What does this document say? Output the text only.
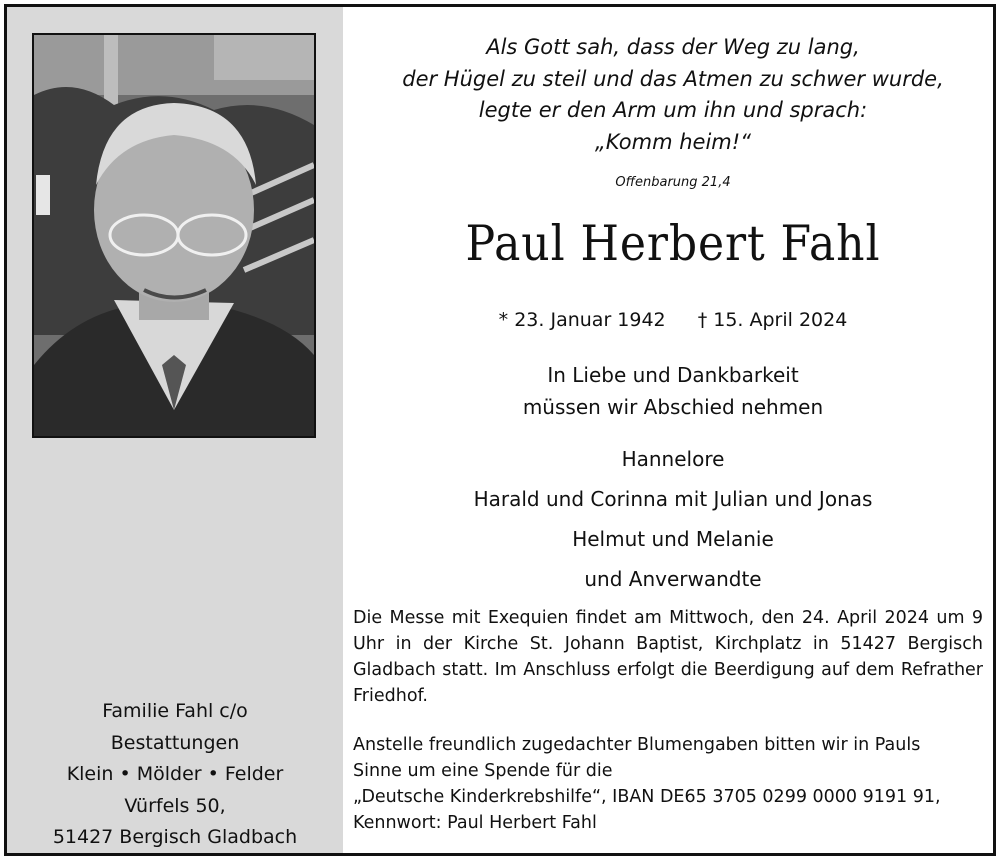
Familie Fahl c/o
Bestattungen
Klein • Mölder • Felder
Vürfels 50,
51427 Bergisch Gladbach
Als Gott sah, dass der Weg zu lang,
der Hügel zu steil und das Atmen zu schwer wurde,
legte er den Arm um ihn und sprach:
„Komm heim!“
Offenbarung 21,4
Paul Herbert Fahl
* 23. Januar 1942 † 15. April 2024
In Liebe und Dankbarkeit
müssen wir Abschied nehmen
Hannelore
Harald und Corinna mit Julian und Jonas
Helmut und Melanie
und Anverwandte
Die Messe mit Exequien findet am Mittwoch, den 24. April 2024 um 9 Uhr in der Kirche St. Johann Baptist, Kirchplatz in 51427 Bergisch Gladbach statt. Im Anschluss erfolgt die Beerdigung auf dem Refrather Friedhof.
Anstelle freundlich zugedachter Blumengaben bitten wir in Pauls
Sinne um eine Spende für die
„Deutsche Kinderkrebshilfe“, IBAN DE65 3705 0299 0000 9191 91,
Kennwort: Paul Herbert Fahl
